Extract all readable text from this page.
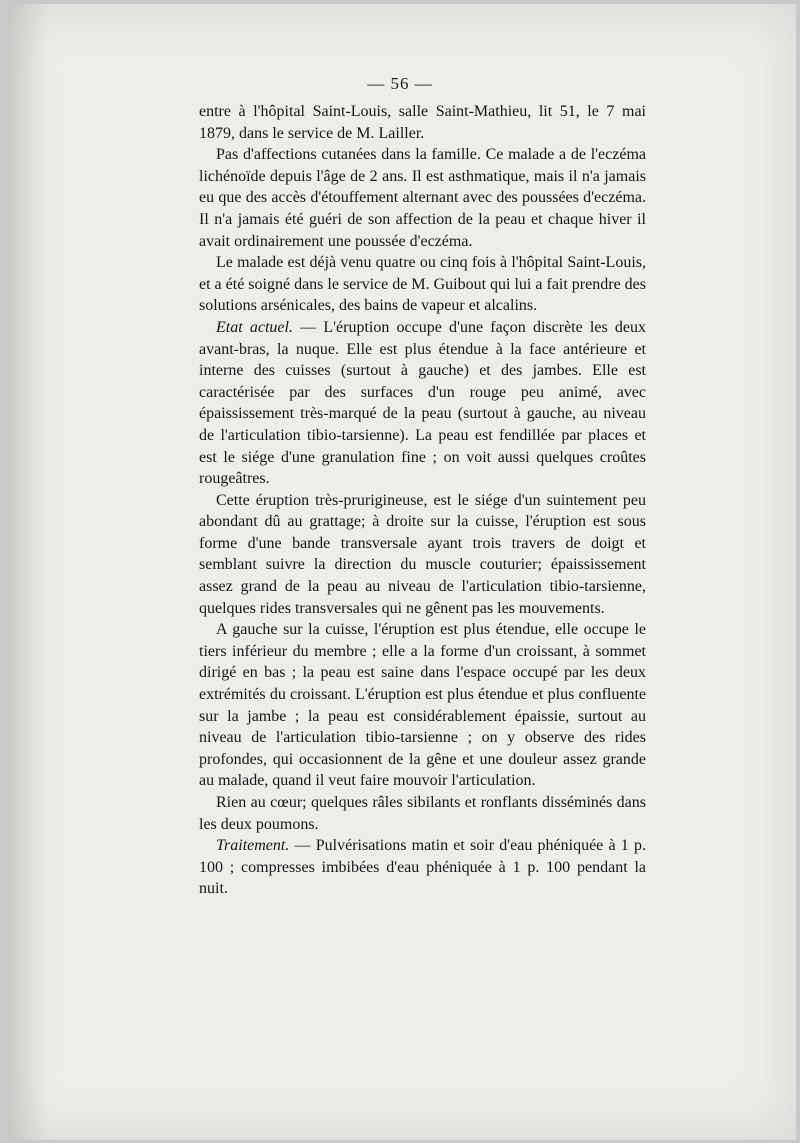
— 56 —

entre à l'hôpital Saint-Louis, salle Saint-Mathieu, lit 51, le 7 mai 1879, dans le service de M. Lailler.

Pas d'affections cutanées dans la famille. Ce malade a de l'eczéma lichénoïde depuis l'âge de 2 ans. Il est asthmatique, mais il n'a jamais eu que des accès d'étouffement alternant avec des poussées d'eczéma. Il n'a jamais été guéri de son affection de la peau et chaque hiver il avait ordinairement une poussée d'eczéma.

Le malade est déjà venu quatre ou cinq fois à l'hôpital Saint-Louis, et a été soigné dans le service de M. Guibout qui lui a fait prendre des solutions arsénicales, des bains de vapeur et alcalins.

Etat actuel. — L'éruption occupe d'une façon discrète les deux avant-bras, la nuque. Elle est plus étendue à la face antérieure et interne des cuisses (surtout à gauche) et des jambes. Elle est caractérisée par des surfaces d'un rouge peu animé, avec épaississement très-marqué de la peau (surtout à gauche, au niveau de l'articulation tibio-tarsienne). La peau est fendillée par places et est le siége d'une granulation fine ; on voit aussi quelques croûtes rougeâtres.

Cette éruption très-prurigineuse, est le siége d'un suintement peu abondant dû au grattage; à droite sur la cuisse, l'éruption est sous forme d'une bande transversale ayant trois travers de doigt et semblant suivre la direction du muscle couturier; épaississement assez grand de la peau au niveau de l'articulation tibio-tarsienne, quelques rides transversales qui ne gênent pas les mouvements.

A gauche sur la cuisse, l'éruption est plus étendue, elle occupe le tiers inférieur du membre ; elle a la forme d'un croissant, à sommet dirigé en bas ; la peau est saine dans l'espace occupé par les deux extrémités du croissant. L'éruption est plus étendue et plus confluente sur la jambe ; la peau est considérablement épaissie, surtout au niveau de l'articulation tibio-tarsienne ; on y observe des rides profondes, qui occasionnent de la gêne et une douleur assez grande au malade, quand il veut faire mouvoir l'articulation.

Rien au cœur; quelques râles sibilants et ronflants disséminés dans les deux poumons.

Traitement. — Pulvérisations matin et soir d'eau phéniquée à 1 p. 100 ; compresses imbibées d'eau phéniquée à 1 p. 100 pendant la nuit.
